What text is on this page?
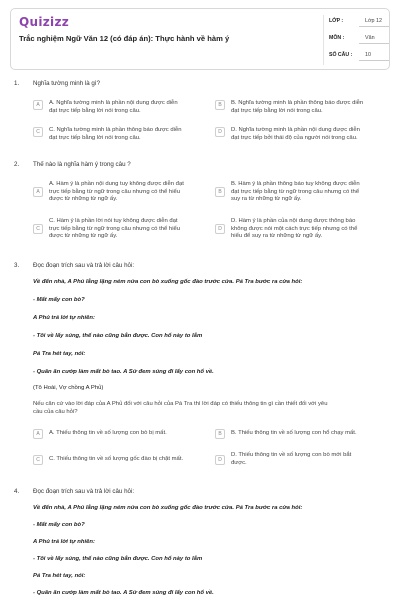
Quizizz
Trắc nghiệm Ngữ Văn 12 (có đáp án): Thực hành về hàm ý
LỚP :	Lớp 12
MÔN :	Văn
SỐ CÂU :	10
1. Nghĩa tường minh là gì?
A	A. Nghĩa tường minh là phần nội dung được diễn
đạt trực tiếp bằng lời nói trong câu.
B	B. Nghĩa tường minh là phần thông báo được diễn
đạt trực tiếp bằng lời nói trong câu.
C	C. Nghĩa tường minh là phần thông báo được diễn
đạt trực tiếp bằng lời nói trong câu.
D	D. Nghĩa tường minh là phần nội dung được diễn
đạt trực tiếp bởi thái độ của người nói trong câu.
2. Thế nào là nghĩa hàm ý trong câu ?
A
A. Hàm ý là phần nội dung tuy không được diễn đạt
trực tiếp bằng từ ngữ trong câu nhưng có thể hiểu
được từ những từ ngữ ấy.
B
B. Hàm ý là phần thông báo tuy không được diễn
đạt trực tiếp bằng từ ngữ trong câu nhưng có thể
suy ra từ những từ ngữ ấy.
C
C. Hàm ý là phần lời nói tuy không được diễn đạt
trực tiếp bằng từ ngữ trong câu nhưng có thể hiểu
được từ những từ ngữ ấy.
D
D. Hàm ý là phần của nội dung được thông báo
không được nói một cách trực tiếp nhưng có thể
hiểu để suy ra từ những từ ngữ ấy.
3. Đọc đoạn trích sau và trả lời câu hỏi:
Về đến nhà, A Phủ lẳng lặng ném nửa con bò xuống gốc đào trước cửa. Pá Tra bước ra cửa hỏi:
- Mất mấy con bò?
A Phủ trả lời tự nhiên:
- Tôi về lấy súng, thế nào cũng bắn được. Con hổ này to lắm
Pá Tra hét tay, nói:
- Quân ăn cướp làm mất bò tao. A Sử đem súng đi lấy con hổ về.
(Tô Hoài, Vợ chồng A Phủ)
Nếu căn cứ vào lời đáp của A Phủ đối với câu hỏi của Pá Tra thì lời đáp có thiếu thông tin gì cần thiết đối với yêu
cầu của câu hỏi?
A	A. Thiếu thông tin về số lượng con bò bị mất.	B	B. Thiếu thông tin về số lượng con hổ chạy mất.
C	C. Thiếu thông tin về số lượng gốc đào bị chặt mất.	D
D. Thiếu thông tin về số lượng con bò mới bắt
được.
4. Đọc đoạn trích sau và trả lời câu hỏi:
Về đến nhà, A Phủ lẳng lặng ném nửa con bò xuống gốc đào trước cửa. Pá Tra bước ra cửa hỏi:
- Mất mấy con bò?
A Phủ trả lời tự nhiên:
- Tôi về lấy súng, thế nào cũng bắn được. Con hổ này to lắm
Pá Tra hét tay, nói:
- Quân ăn cướp làm mất bò tao. A Sử đem súng đi lấy con hổ về.
